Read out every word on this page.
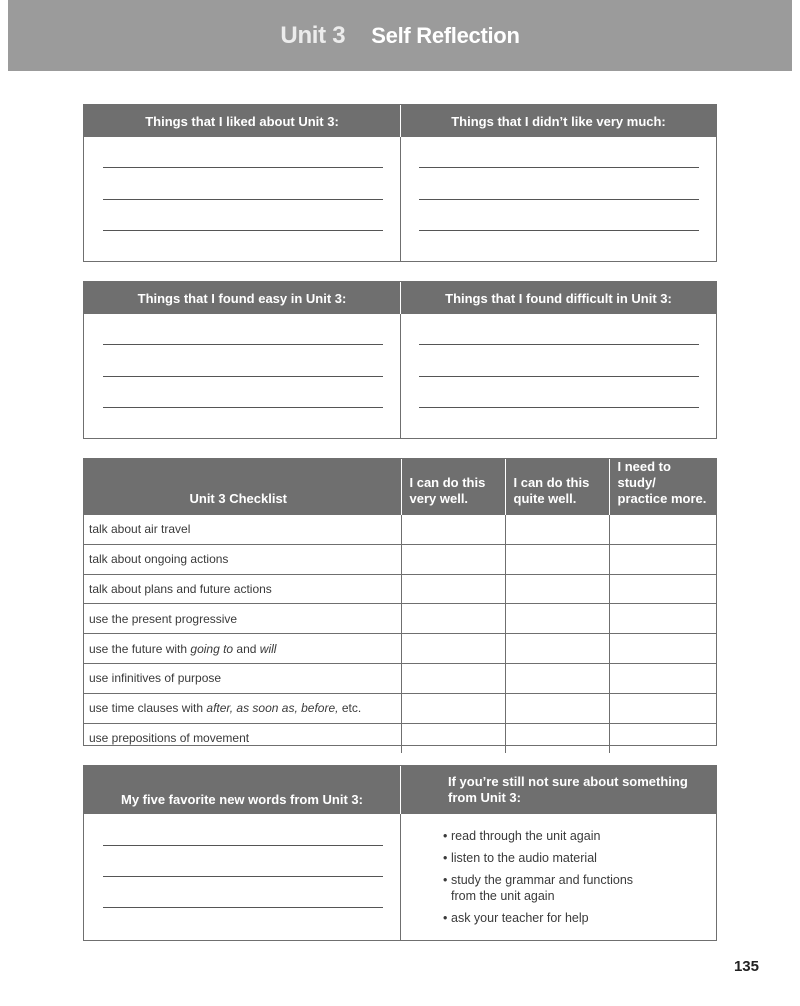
Unit 3 Self Reflection
Things that I liked about Unit 3:	Things that I didn’t like very much:
Things that I found easy in Unit 3:	Things that I found difficult in Unit 3:
Unit 3 Checklist	I can do this very well.	I can do this quite well.	I need to study/ practice more.
talk about air travel			
talk about ongoing actions			
talk about plans and future actions			
use the present progressive			
use the future with going to and will			
use infinitives of purpose			
use time clauses with after, as soon as, before, etc.			
use prepositions of movement			
My five favorite new words from Unit 3:
If you’re still not sure about something from Unit 3:
• read through the unit again
• listen to the audio material
• study the grammar and functions from the unit again
• ask your teacher for help
135
